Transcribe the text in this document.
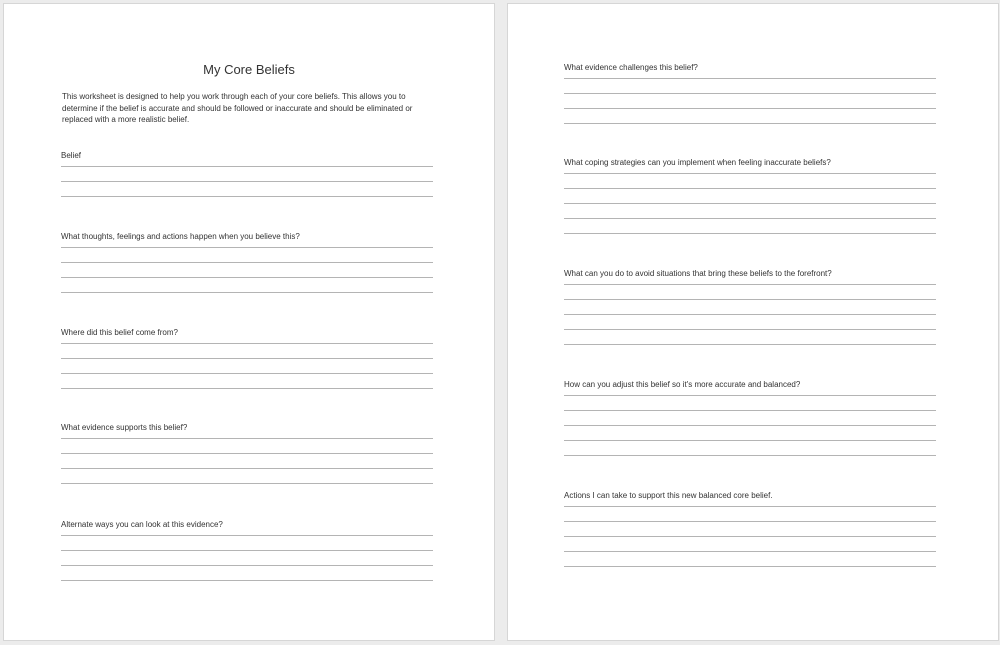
My Core Beliefs
This worksheet is designed to help you work through each of your core beliefs. This allows you to determine if the belief is accurate and should be followed or inaccurate and should be eliminated or replaced with a more realistic belief.
Belief
What thoughts, feelings and actions happen when you believe this?
Where did this belief come from?
What evidence supports this belief?
Alternate ways you can look at this evidence?
What evidence challenges this belief?
What coping strategies can you implement when feeling inaccurate beliefs?
What can you do to avoid situations that bring these beliefs to the forefront?
How can you adjust this belief so it's more accurate and balanced?
Actions I can take to support this new balanced core belief.
